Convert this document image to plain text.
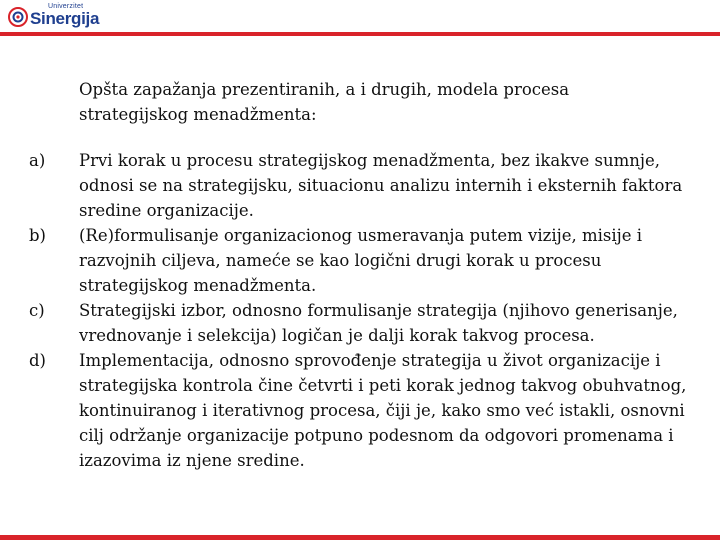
Univerzitet
Sinergija

Opšta zapažanja prezentiranih, a i drugih, modela procesa strategijskog menadžmenta:

a)	Prvi korak u procesu strategijskog menadžmenta, bez ikakve sumnje, odnosi se na strategijsku, situacionu analizu internih i eksternih faktora sredine organizacije.
b)	(Re)formulisanje organizacionog usmeravanja putem vizije, misije i razvojnih ciljeva, nameće se kao logični drugi korak u procesu strategijskog menadžmenta.
c)	Strategijski izbor, odnosno formulisanje strategija (njihovo generisanje, vrednovanje i selekcija) logičan je dalji korak takvog procesa.
d)	Implementacija, odnosno sprovođenje strategija u život organizacije i strategijska kontrola čine četvrti i peti korak jednog takvog obuhvatnog, kontinuiranog i iterativnog procesa, čiji je, kako smo već istakli, osnovni cilj održanje organizacije potpuno podesnom da odgovori promenama i izazovima iz njene sredine.
